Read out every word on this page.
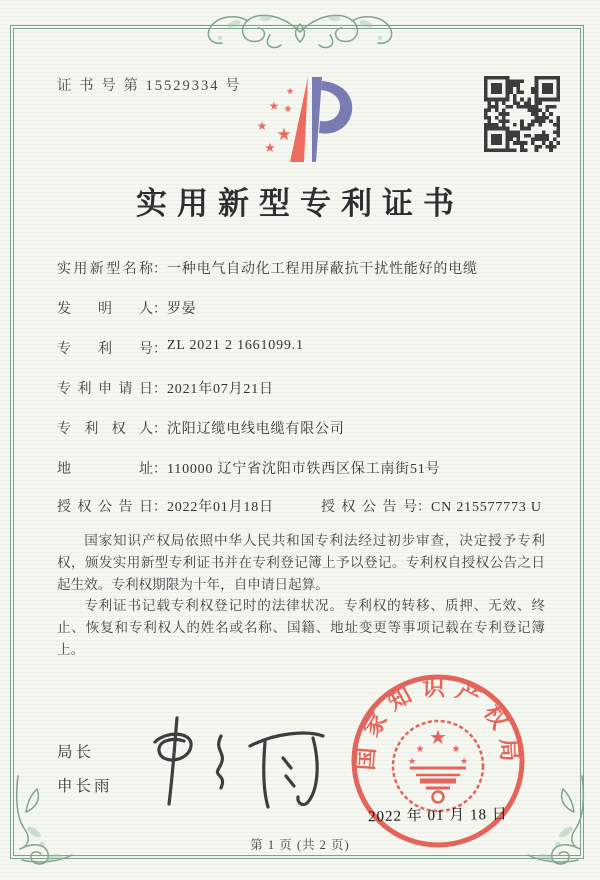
证 书 号 第 15529334 号	★
★ ★
★ ★
★
实用新型专利证书
实用新型名称：一种电气自动化工程用屏蔽抗干扰性能好的电缆
发明人：罗晏
专利号：ZL 2021 2 1661099.1
专利申请日：2021年07月21日
专利权人：沈阳辽缆电线电缆有限公司
地址：110000 辽宁省沈阳市铁西区保工南街51号
授权公告日：2022年01月18日	授权公告号：CN 215577773 U

国家知识产权局依照中华人民共和国专利法经过初步审查，决定授予专利权，颁发实用新型专利证书并在专利登记簿上予以登记。专利权自授权公告之日起生效。专利权期限为十年，自申请日起算。

专利证书记载专利权登记时的法律状况。专利权的转移、质押、无效、终止、恢复和专利权人的姓名或名称、国籍、地址变更等事项记载在专利登记簿上。

局长
申长雨
国家知识产权局
★
★	★
★	★
2022 年 01 月 18 日
第 1 页 (共 2 页)
